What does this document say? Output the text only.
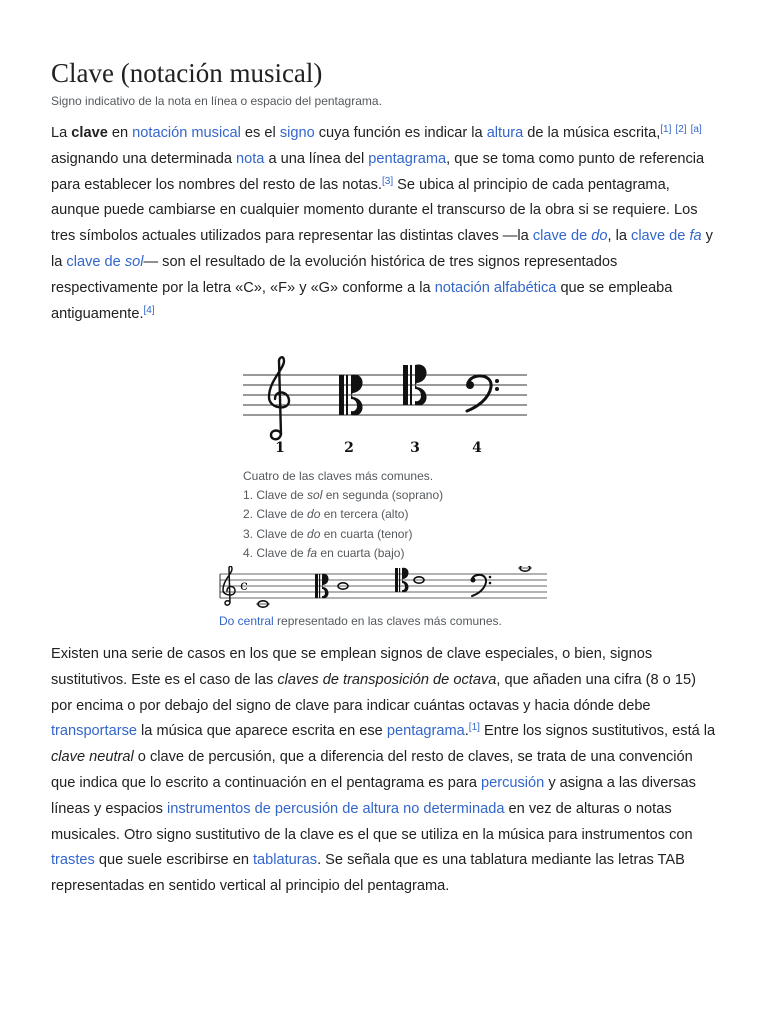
Clave (notación musical)
Signo indicativo de la nota en línea o espacio del pentagrama.

La clave en notación musical es el signo cuya función es indicar la altura de la música escrita,[1] [2] [a] asignando una determinada nota a una línea del pentagrama, que se toma como punto de referencia para establecer los nombres del resto de las notas.[3] Se ubica al principio de cada pentagrama, aunque puede cambiarse en cualquier momento durante el transcurso de la obra si se requiere. Los tres símbolos actuales utilizados para representar las distintas claves —la clave de do, la clave de fa y la clave de sol— son el resultado de la evolución histórica de tres signos representados respectivamente por la letra «C», «F» y «G» conforme a la notación alfabética que se empleaba antiguamente.[4]

Existen una serie de casos en los que se emplean signos de clave especiales, o bien, signos sustitutivos. Este es el caso de las claves de transposición de octava, que añaden una cifra (8 o 15) por encima o por debajo del signo de clave para indicar cuántas octavas y hacia dónde debe transportarse la música que aparece escrita en ese pentagrama.[1] Entre los signos sustitutivos, está la clave neutral o clave de percusión, que a diferencia del resto de claves, se trata de una convención que indica que lo escrito a continuación en el pentagrama es para percusión y asigna a las diversas líneas y espacios instrumentos de percusión de altura no determinada en vez de alturas o notas musicales. Otro signo sustitutivo de la clave es el que se utiliza en la música para instrumentos con trastes que suele escribirse en tablaturas. Se señala que es una tablatura mediante las letras TAB representadas en sentido vertical al principio del pentagrama.

1	2	3	4
Cuatro de las claves más comunes.
1. Clave de sol en segunda (soprano)
2. Clave de do en tercera (alto)
3. Clave de do en cuarta (tenor)
4. Clave de fa en cuarta (bajo)
c
Do central representado en las claves más comunes.
